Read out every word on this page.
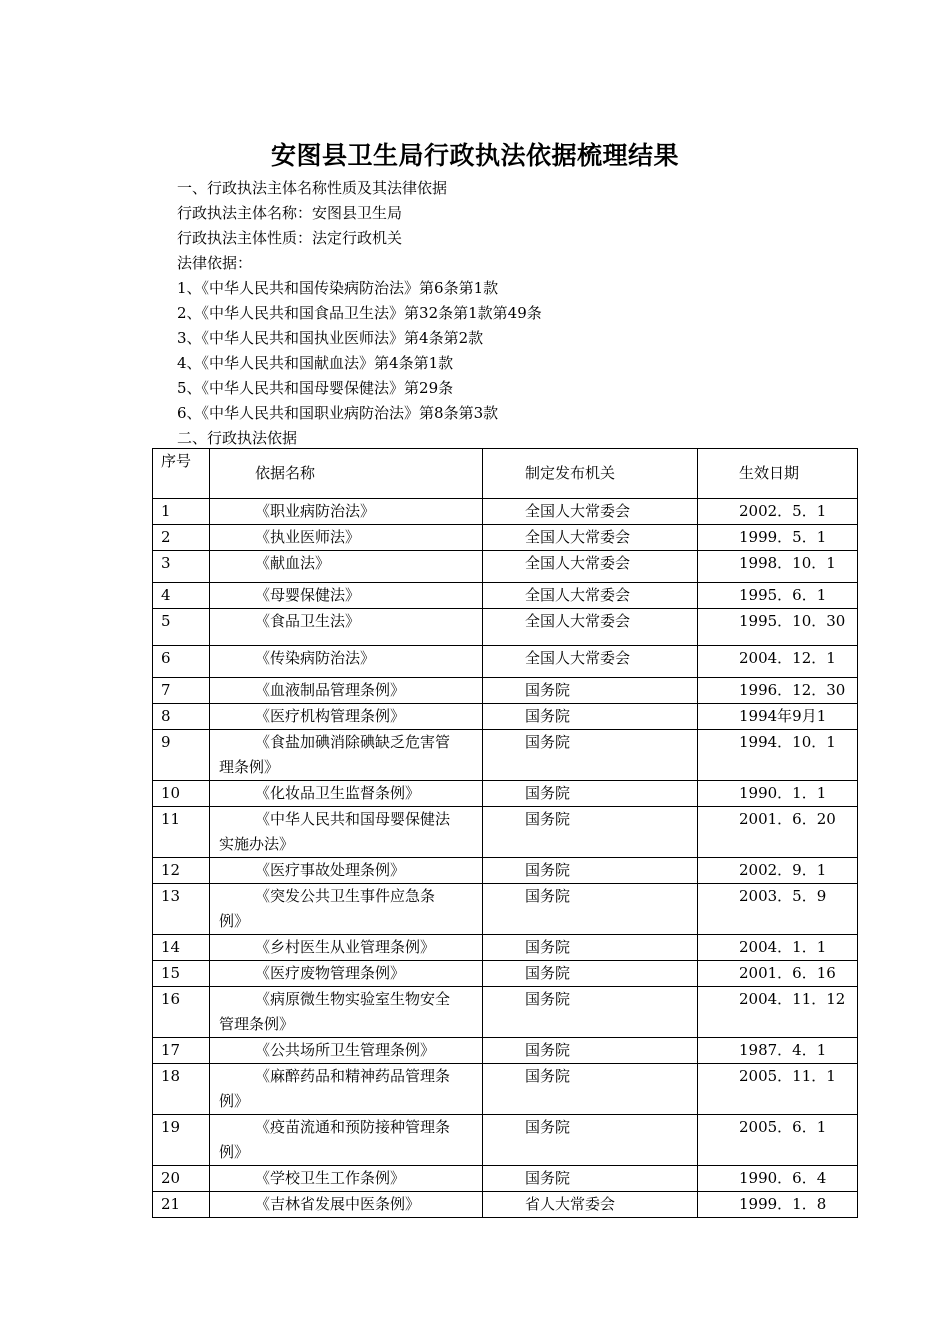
安图县卫生局行政执法依据梳理结果
一、行政执法主体名称性质及其法律依据
行政执法主体名称：安图县卫生局
行政执法主体性质：法定行政机关
法律依据：
1、《中华人民共和国传染病防治法》第6条第1款
2、《中华人民共和国食品卫生法》第32条第1款第49条
3、《中华人民共和国执业医师法》第4条第2款
4、《中华人民共和国献血法》第4条第1款
5、《中华人民共和国母婴保健法》第29条
6、《中华人民共和国职业病防治法》第8条第3款
二、行政执法依据
序号	依据名称	制定发布机关	生效日期
1	《职业病防治法》	全国人大常委会	2002．5．1
2	《执业医师法》	全国人大常委会	1999．5．1
3	《献血法》	全国人大常委会	1998．10．1
4	《母婴保健法》	全国人大常委会	1995．6．1
5	《食品卫生法》	全国人大常委会	1995．10．30
6	《传染病防治法》	全国人大常委会	2004．12．1
7	《血液制品管理条例》	国务院	1996．12．30
8	《医疗机构管理条例》	国务院	1994年9月1
9	《食盐加碘消除碘缺乏危害管
理条例》	国务院	1994．10．1
10	《化妆品卫生监督条例》	国务院	1990．1．1
11	《中华人民共和国母婴保健法
实施办法》	国务院	2001．6．20
12	《医疗事故处理条例》	国务院	2002．9．1
13	《突发公共卫生事件应急条
例》	国务院	2003．5．9
14	《乡村医生从业管理条例》	国务院	2004．1．1
15	《医疗废物管理条例》	国务院	2001．6．16
16	《病原微生物实验室生物安全
管理条例》	国务院	2004．11．12
17	《公共场所卫生管理条例》	国务院	1987．4．1
18	《麻醉药品和精神药品管理条
例》	国务院	2005．11．1
19	《疫苗流通和预防接种管理条
例》	国务院	2005．6．1
20	《学校卫生工作条例》	国务院	1990．6．4
21	《吉林省发展中医条例》	省人大常委会	1999．1．8
